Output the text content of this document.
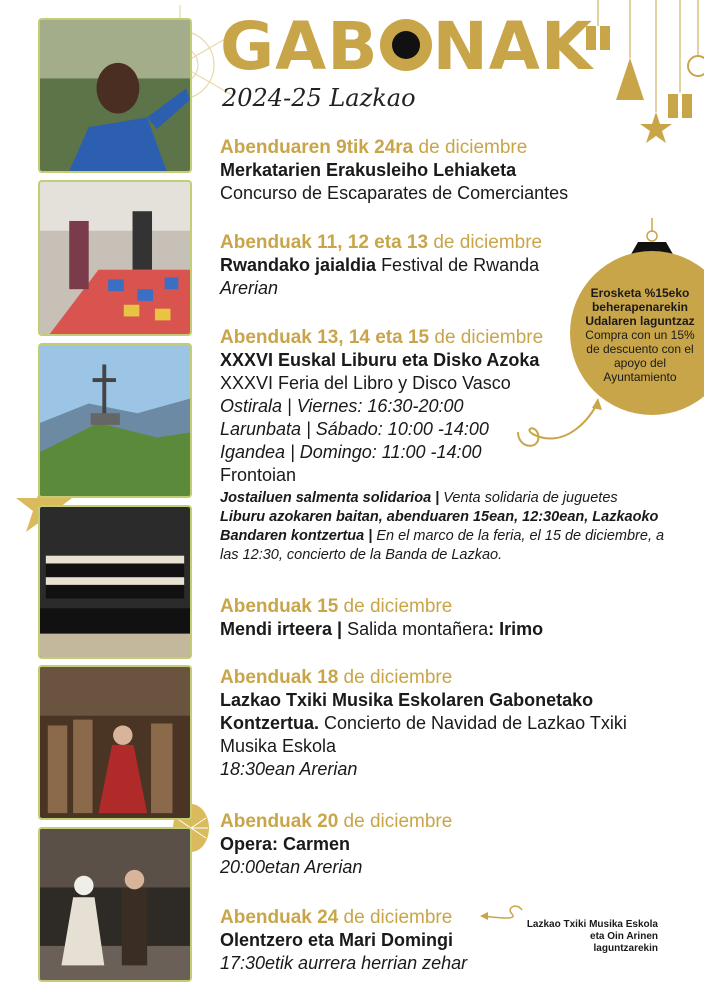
Erosketa %15eko beherapenarekin Udalaren laguntzaz
Compra con un 15% de descuento con el apoyo del Ayuntamiento
GAB NAK
2024-25 Lazkao
Abenduaren 9tik 24ra de diciembre
Merkatarien Erakusleiho Lehiaketa
Concurso de Escaparates de Comerciantes
Abenduak 11, 12 eta 13 de diciembre
Rwandako jaialdia Festival de Rwanda
Arerian
Abenduak 13, 14 eta 15 de diciembre
XXXVI Euskal Liburu eta Disko Azoka
XXXVI Feria del Libro y Disco Vasco
Ostirala | Viernes: 16:30-20:00
Larunbata | Sábado: 10:00 -14:00
Igandea | Domingo: 11:00 -14:00
Frontoian
Jostailuen salmenta solidarioa | Venta solidaria de juguetes
Liburu azokaren baitan, abenduaren 15ean, 12:30ean, Lazkaoko Bandaren kontzertua | En el marco de la feria, el 15 de diciembre, a las 12:30, concierto de la Banda de Lazkao.
Abenduak 15 de diciembre
Mendi irteera | Salida montañera: Irimo
Abenduak 18 de diciembre
Lazkao Txiki Musika Eskolaren Gabonetako Kontzertua. Concierto de Navidad de Lazkao Txiki Musika Eskola
18:30ean Arerian
Abenduak 20 de diciembre
Opera: Carmen
20:00etan Arerian
Abenduak 24 de diciembre
Olentzero eta Mari Domingi
17:30etik aurrera herrian zehar
Lazkao Txiki Musika Eskola eta Oin Arinen laguntzarekin
